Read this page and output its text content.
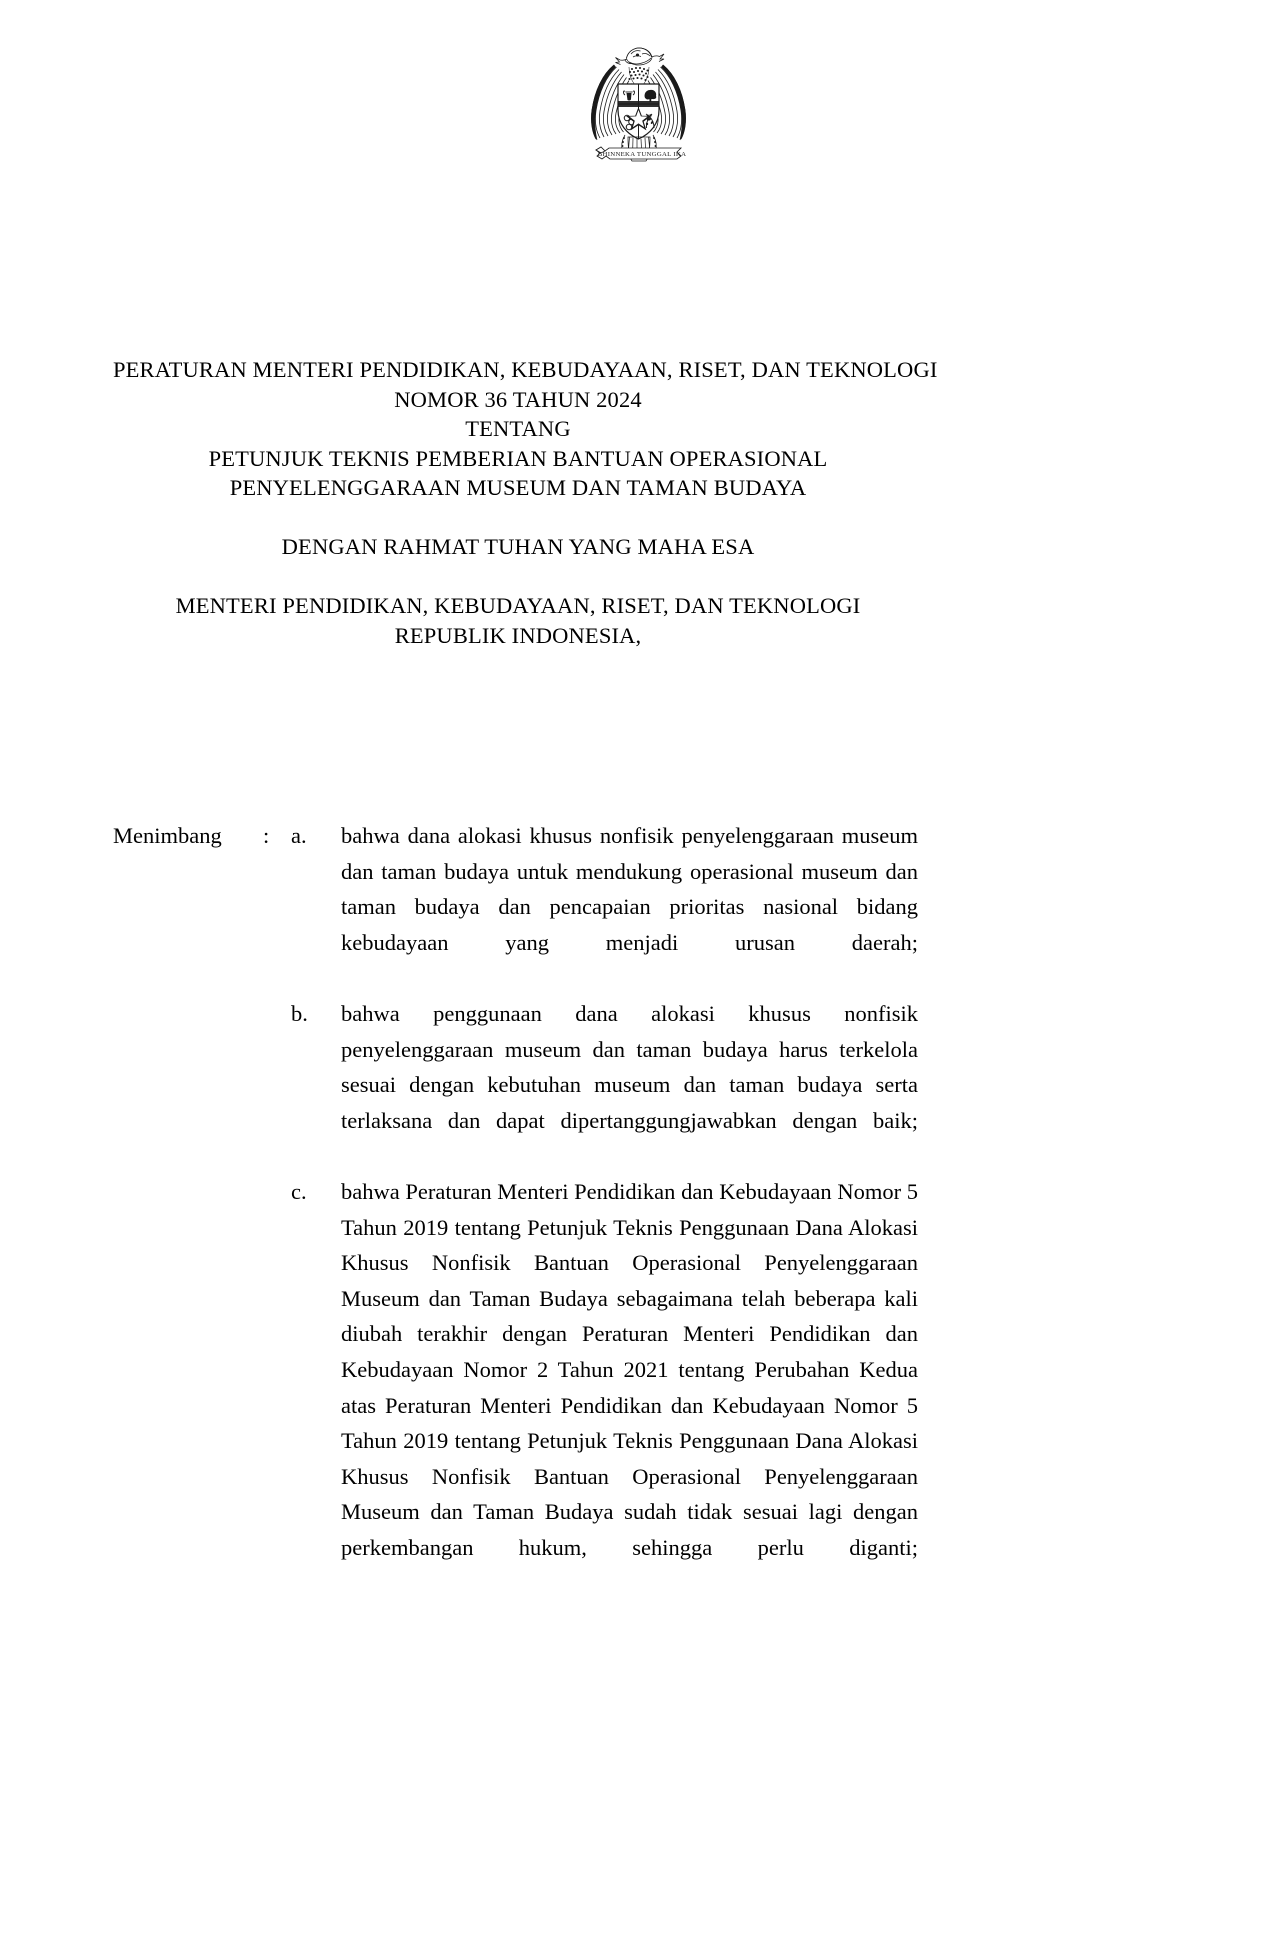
BHINNEKA TUNGGAL IKA
PERATURAN MENTERI PENDIDIKAN, KEBUDAYAAN, RISET, DAN TEKNOLOGI
NOMOR 36 TAHUN 2024
TENTANG
PETUNJUK TEKNIS PEMBERIAN BANTUAN OPERASIONAL
PENYELENGGARAAN MUSEUM DAN TAMAN BUDAYA
DENGAN RAHMAT TUHAN YANG MAHA ESA
MENTERI PENDIDIKAN, KEBUDAYAAN, RISET, DAN TEKNOLOGI
REPUBLIK INDONESIA,
Menimbang	: a.	bahwa dana alokasi khusus nonfisik penyelenggaraan museum dan taman budaya untuk mendukung operasional museum dan taman budaya dan pencapaian prioritas nasional bidang kebudayaan yang menjadi urusan daerah;
b.	bahwa penggunaan dana alokasi khusus nonfisik penyelenggaraan museum dan taman budaya harus terkelola sesuai dengan kebutuhan museum dan taman budaya serta terlaksana dan dapat dipertanggungjawabkan dengan baik;
c.	bahwa Peraturan Menteri Pendidikan dan Kebudayaan Nomor 5 Tahun 2019 tentang Petunjuk Teknis Penggunaan Dana Alokasi Khusus Nonfisik Bantuan Operasional Penyelenggaraan Museum dan Taman Budaya sebagaimana telah beberapa kali diubah terakhir dengan Peraturan Menteri Pendidikan dan Kebudayaan Nomor 2 Tahun 2021 tentang Perubahan Kedua atas Peraturan Menteri Pendidikan dan Kebudayaan Nomor 5 Tahun 2019 tentang Petunjuk Teknis Penggunaan Dana Alokasi Khusus Nonfisik Bantuan Operasional Penyelenggaraan Museum dan Taman Budaya sudah tidak sesuai lagi dengan perkembangan hukum, sehingga perlu diganti;
